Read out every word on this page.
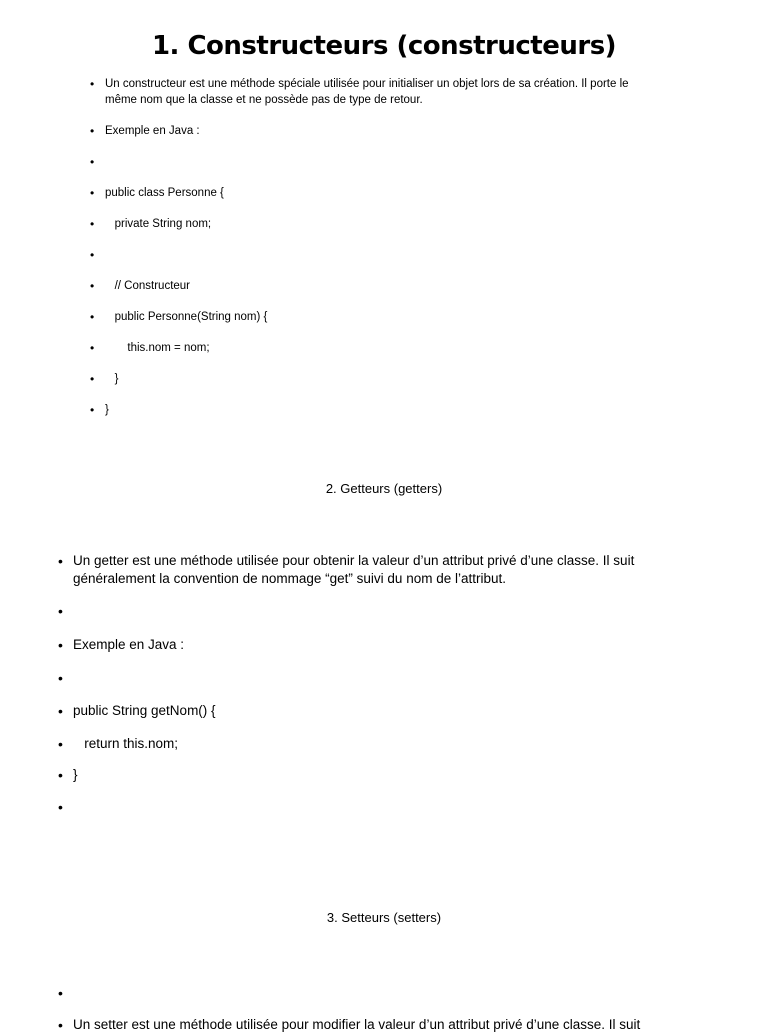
1. Constructeurs (constructeurs)
• Un constructeur est une méthode spéciale utilisée pour initialiser un objet lors de sa création. Il porte le même nom que la classe et ne possède pas de type de retour.
• Exemple en Java :
•
• public class Personne {
• private String nom;
•
• // Constructeur
• public Personne(String nom) {
• this.nom = nom;
• }
• }
2. Getteurs (getters)
• Un getter est une méthode utilisée pour obtenir la valeur d’un attribut privé d’une classe. Il suit généralement la convention de nommage “get” suivi du nom de l’attribut.
•
• Exemple en Java :
•
• public String getNom() {
• return this.nom;
• }
•
3. Setteurs (setters)
•
• Un setter est une méthode utilisée pour modifier la valeur d’un attribut privé d’une classe. Il suit
